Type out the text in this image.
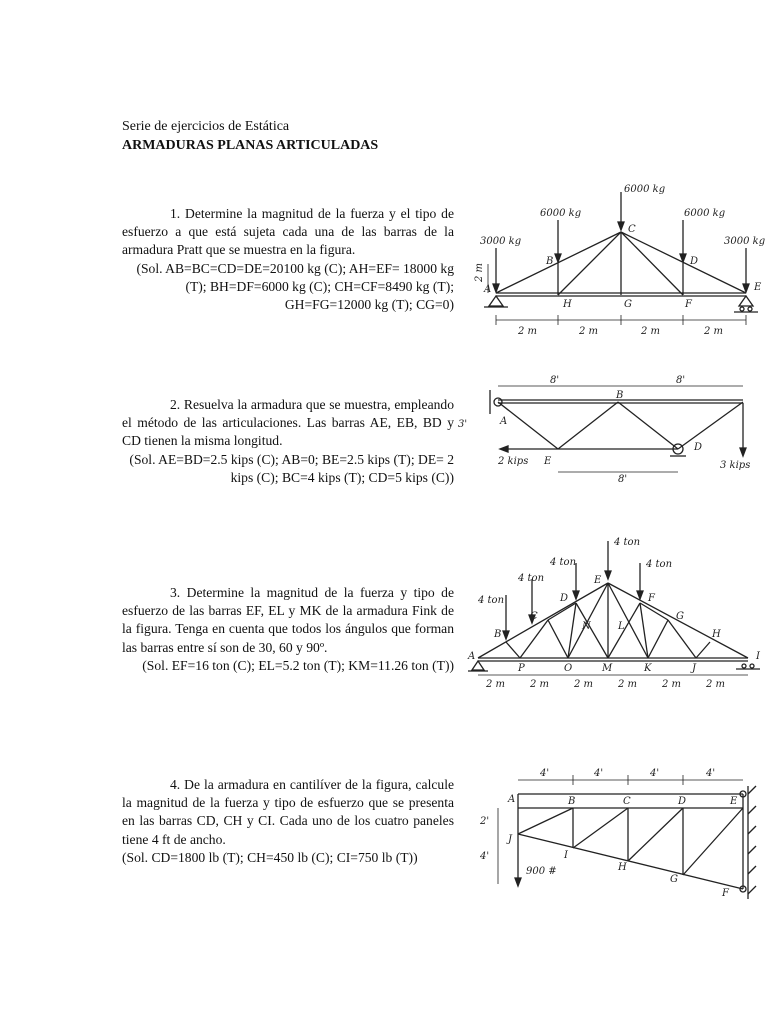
Serie de ejercicios de Estática
ARMADURAS PLANAS ARTICULADAS

1. Determine la magnitud de la fuerza y el tipo de esfuerzo a que está sujeta cada una de las barras de la armadura Pratt que se muestra en la figura.

(Sol. AB=BC=CD=DE=20100 kg (C); AH=EF= 18000 kg (T); BH=DF=6000 kg (C); CH=CF=8490 kg (T); GH=FG=12000 kg (T); CG=0)

2. Resuelva la armadura que se muestra, empleando el método de las articulaciones. Las barras AE, EB, BD y CD tienen la misma longitud.

(Sol. AE=BD=2.5 kips (C); AB=0; BE=2.5 kips (T); DE= 2 kips (C); BC=4 kips (T); CD=5 kips (C))

3. Determine la magnitud de la fuerza y tipo de esfuerzo de las barras EF, EL y MK de la armadura Fink de la figura. Tenga en cuenta que todos los ángulos que forman las barras entre sí son de 30, 60 y 90º.

(Sol. EF=16 ton (C); EL=5.2 ton (T); KM=11.26 ton (T))

4. De la armadura en cantilíver de la figura, calcule la magnitud de la fuerza y tipo de esfuerzo que se presenta en las barras CD, CH y CI. Cada uno de los cuatro paneles tiene 4 ft de ancho.

(Sol. CD=1800 lb (T); CH=450 lb (C); CI=750 lb (T))
3000 kg
6000 kg
6000 kg
6000 kg
3000 kg
A
B
C
D
E
F
G
H
2 m	2 m	2 m	2 m
2 m
8'	8'
8'
3'	A
B
D
E
2 kips	3 kips
4 ton
4 ton
4 ton
4 ton
4 ton
A
B
C
D
E
F
G
H
I
J
K
L
M
N
O
P
2 m 2 m 2 m 2 m 2 m 2 m
4'	4'	4'	4'
2'
4'
A	B	C	D	E
F
G
H
I
J
900 #
